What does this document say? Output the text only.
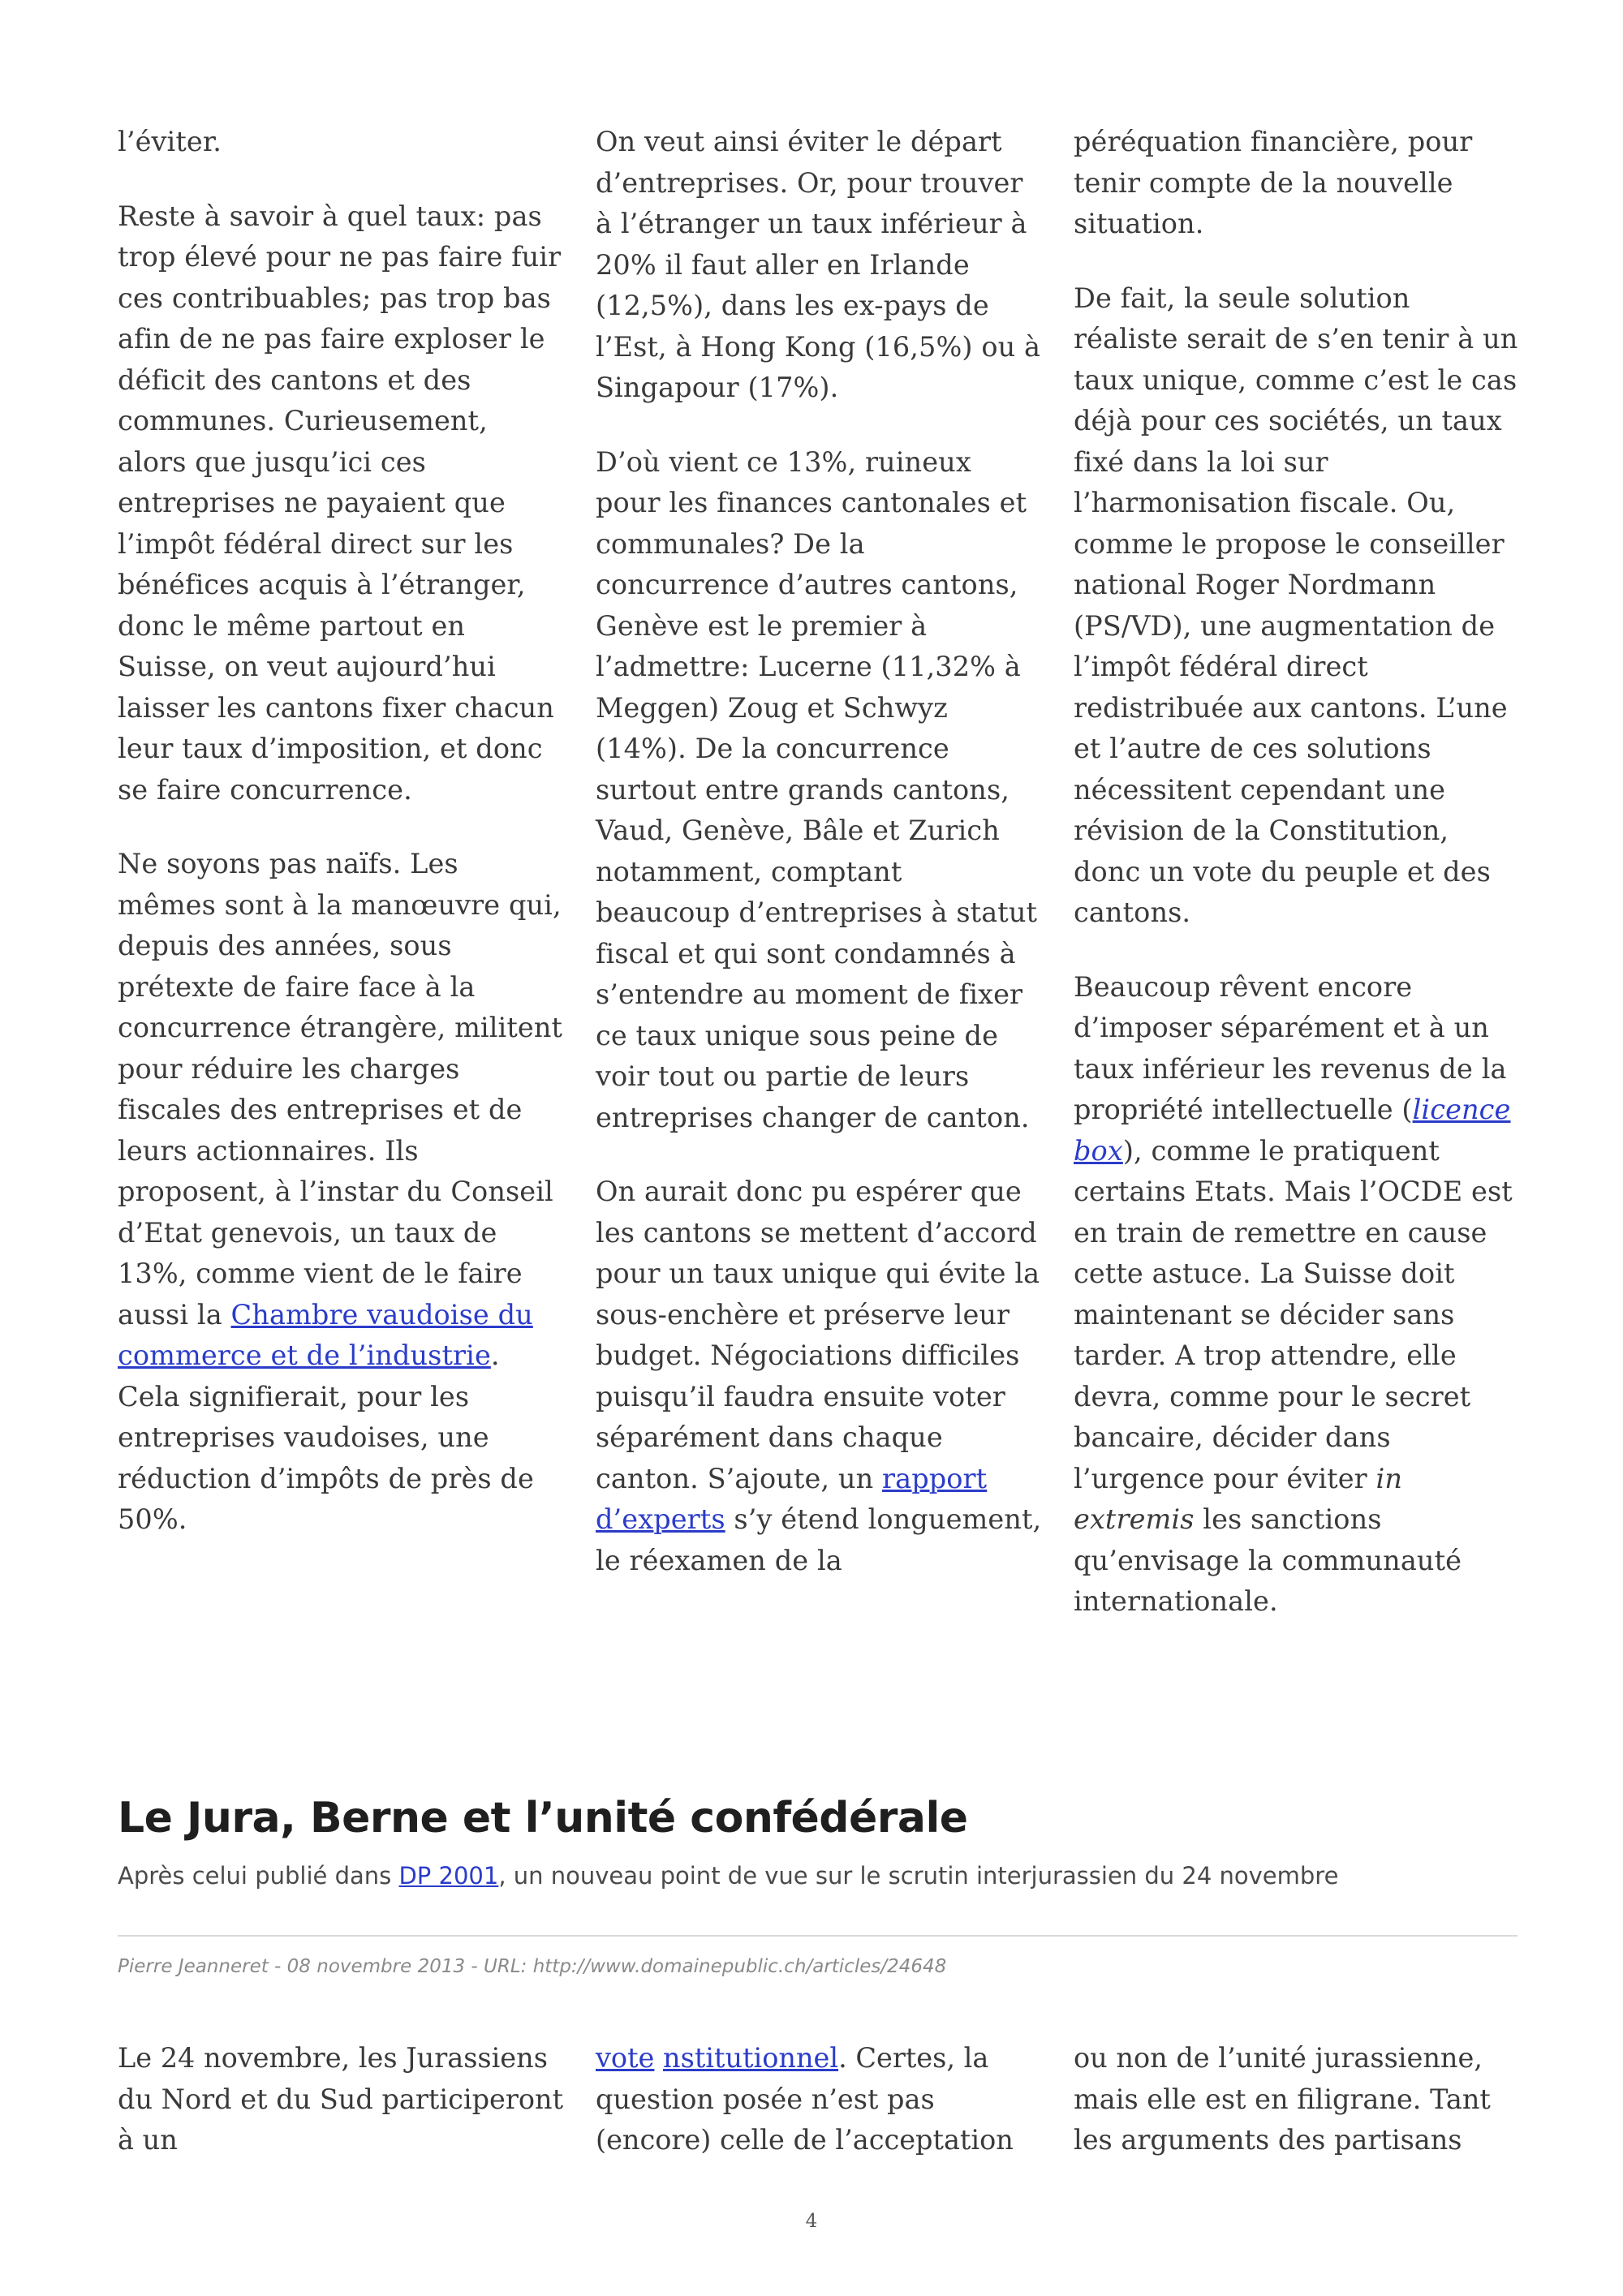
l’éviter.

Reste à savoir à quel taux: pas trop élevé pour ne pas faire fuir ces contribuables; pas trop bas afin de ne pas faire exploser le déficit des cantons et des communes. Curieusement, alors que jusqu’ici ces entreprises ne payaient que l’impôt fédéral direct sur les bénéfices acquis à l’étranger, donc le même partout en Suisse, on veut aujourd’hui laisser les cantons fixer chacun leur taux d’imposition, et donc se faire concurrence.

Ne soyons pas naïfs. Les mêmes sont à la manœuvre qui, depuis des années, sous prétexte de faire face à la concurrence étrangère, militent pour réduire les charges fiscales des entreprises et de leurs actionnaires. Ils proposent, à l’instar du Conseil d’Etat genevois, un taux de 13%, comme vient de le faire aussi la Chambre vaudoise du commerce et de l’industrie. Cela signifierait, pour les entreprises vaudoises, une réduction d’impôts de près de 50%.

On veut ainsi éviter le départ d’entreprises. Or, pour trouver à l’étranger un taux inférieur à 20% il faut aller en Irlande (12,5%), dans les ex-pays de l’Est, à Hong Kong (16,5%) ou à Singapour (17%).

D’où vient ce 13%, ruineux pour les finances cantonales et communales? De la concurrence d’autres cantons, Genève est le premier à l’admettre: Lucerne (11,32% à Meggen) Zoug et Schwyz (14%). De la concurrence surtout entre grands cantons, Vaud, Genève, Bâle et Zurich notamment, comptant beaucoup d’entreprises à statut fiscal et qui sont condamnés à s’entendre au moment de fixer ce taux unique sous peine de voir tout ou partie de leurs entreprises changer de canton.

On aurait donc pu espérer que les cantons se mettent d’accord pour un taux unique qui évite la sous-enchère et préserve leur budget. Négociations difficiles puisqu’il faudra ensuite voter séparément dans chaque canton. S’ajoute, un rapport d’experts s’y étend longuement, le réexamen de la

péréquation financière, pour tenir compte de la nouvelle situation.

De fait, la seule solution réaliste serait de s’en tenir à un taux unique, comme c’est le cas déjà pour ces sociétés, un taux fixé dans la loi sur l’harmonisation fiscale. Ou, comme le propose le conseiller national Roger Nordmann (PS/VD), une augmentation de l’impôt fédéral direct redistribuée aux cantons. L’une et l’autre de ces solutions nécessitent cependant une révision de la Constitution, donc un vote du peuple et des cantons.

Beaucoup rêvent encore d’imposer séparément et à un taux inférieur les revenus de la propriété intellectuelle (licence box), comme le pratiquent certains Etats. Mais l’OCDE est en train de remettre en cause cette astuce. La Suisse doit maintenant se décider sans tarder. A trop attendre, elle devra, comme pour le secret bancaire, décider dans l’urgence pour éviter in extremis les sanctions qu’envisage la communauté internationale.

Le Jura, Berne et l’unité confédérale
Après celui publié dans DP 2001, un nouveau point de vue sur le scrutin interjurassien du 24 novembre
Pierre Jeanneret - 08 novembre 2013 - URL: http://www.domainepublic.ch/articles/24648

Le 24 novembre, les Jurassiens du Nord et du Sud participeront à un

vote nstitutionnel. Certes, la question posée n’est pas (encore) celle de l’acceptation

ou non de l’unité jurassienne, mais elle est en filigrane. Tant les arguments des partisans

4
